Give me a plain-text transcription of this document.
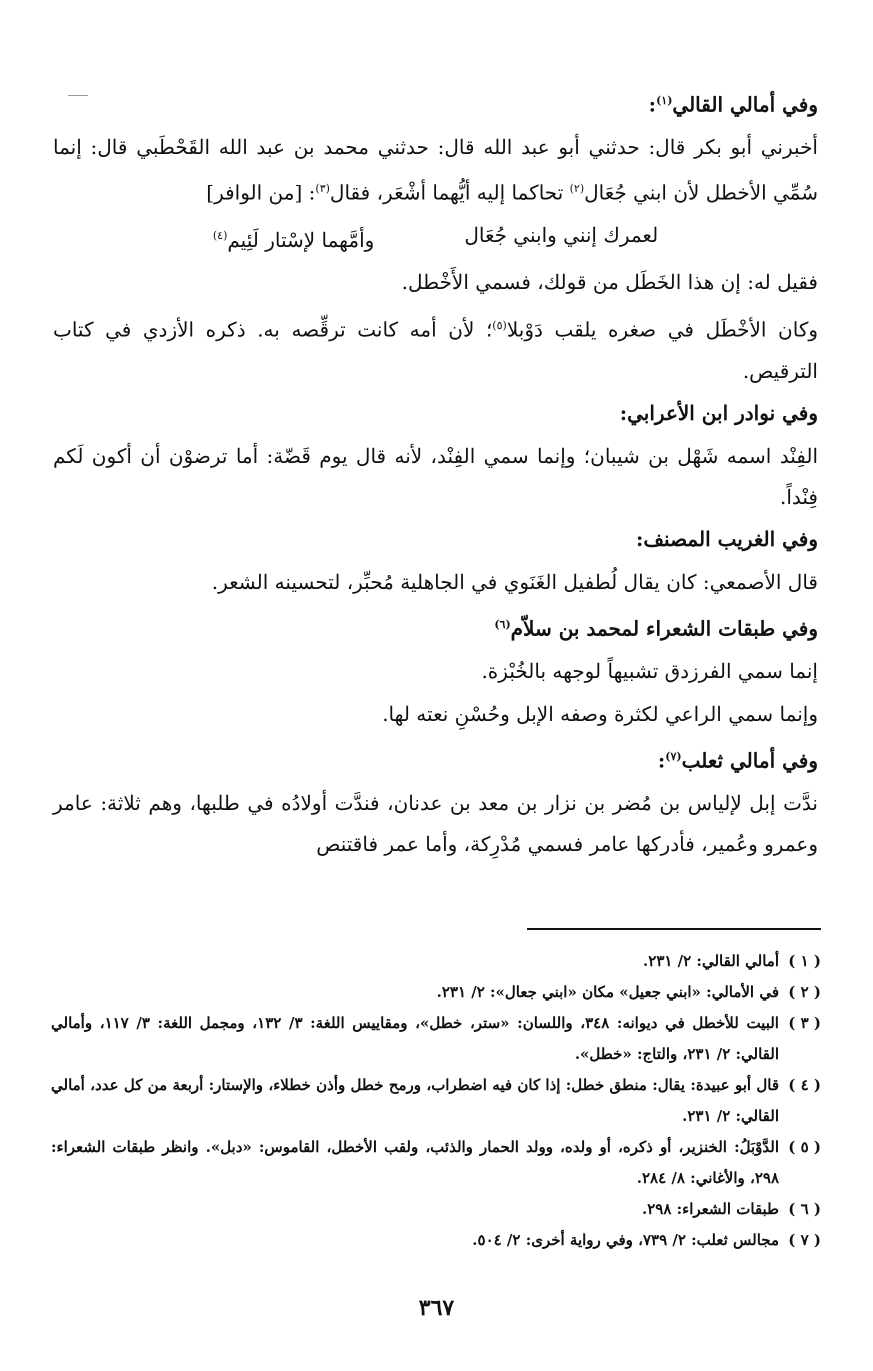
وفي أمالي القالي$^{(١)}$:

أخبرني أبو بكر قال: حدثني أبو عبد الله قال: حدثني محمد بن عبد الله القَحْطَبي قال: إنما سُمِّي الأخطل لأن ابني جُعَال$^{(٢)}$ تحاكما إليه أيُّهما أشْعَر، فقال$^{(٣)}$: [من الوافر]

لعمرك إنني وابني جُعَال
وأمَّهما لإسْتار لَئِيم$^{(٤)}$

فقيل له: إن هذا الخَطَل من قولك، فسمي الأَخْطل.

وكان الأخْطَل في صغره يلقب دَوْبلا$^{(٥)}$؛ لأن أمه كانت ترقِّصه به. ذكره الأزدي في كتاب الترقيص.

وفي نوادر ابن الأعرابي:

الفِنْد اسمه شَهْل بن شيبان؛ وإنما سمي الفِنْد، لأنه قال يوم قَضّة: أما ترضوْن أن أكون لَكم فِنْداً.

وفي الغريب المصنف:

قال الأصمعي: كان يقال لُطفيل الغَنَوي في الجاهلية مُحبِّر، لتحسينه الشعر.

وفي طبقات الشعراء لمحمد بن سلاّم$^{(٦)}$

إنما سمي الفرزدق تشبيهاً لوجهه بالخُبْزة.

وإنما سمي الراعي لكثرة وصفه الإبل وحُسْنِ نعته لها.

وفي أمالي ثعلب$^{(٧)}$:

ندَّت إبل لإلياس بن مُضر بن نزار بن معد بن عدنان، فندَّت أولادُه في طلبها، وهم ثلاثة: عامر وعمرو وعُمير، فأدركها عامر فسمي مُدْرِكة، وأما عمر فاقتنص

( ١ )
أمالي القالي: ٢/ ٢٣١.
( ٢ )
في الأمالي: «ابني جعيل» مكان «ابني جعال»: ٢/ ٢٣١.
( ٣ )
البيت للأخطل في ديوانه: ٣٤٨، واللسان: «ستر، خطل»، ومقاييس اللغة: ٣/ ١٣٢، ومجمل اللغة: ٣/ ١١٧، وأمالي القالي: ٢/ ٢٣١، والتاج: «خطل».
( ٤ )
قال أبو عبيدة: يقال: منطق خطل: إذا كان فيه اضطراب، ورمح خطل وأذن خطلاء، والإستار: أربعة من كل عدد، أمالي القالي: ٢/ ٢٣١.
( ٥ )
الدَّوْبَلُ: الخنزير، أو ذكره، أو ولده، وولد الحمار والذئب، ولقب الأخطل، القاموس: «دبل». وانظر طبقات الشعراء: ٢٩٨، والأغاني: ٨/ ٢٨٤.
( ٦ )
طبقات الشعراء: ٢٩٨.
( ٧ )
مجالس ثعلب: ٢/ ٧٣٩، وفي رواية أخرى: ٢/ ٥٠٤.
٣٦٧
